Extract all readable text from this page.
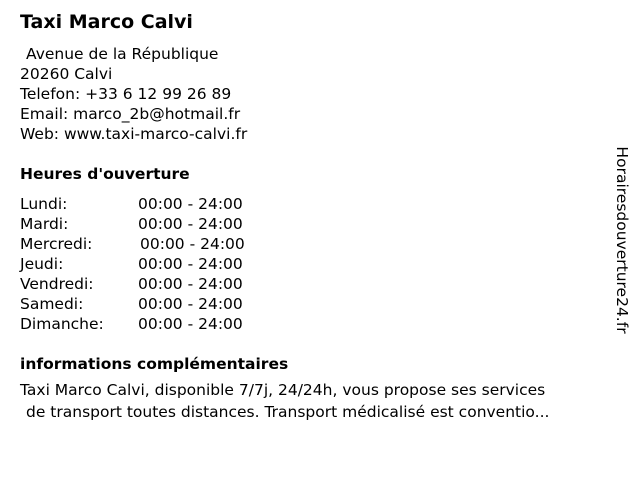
Taxi Marco Calvi
Avenue de la République
20260 Calvi
Telefon: +33 6 12 99 26 89
Email: marco_2b@hotmail.fr
Web: www.taxi-marco-calvi.fr
Heures d'ouverture
Lundi:	00:00 - 24:00
Mardi:	00:00 - 24:00
Mercredi:	00:00 - 24:00
Jeudi:	00:00 - 24:00
Vendredi:	00:00 - 24:00
Samedi:	00:00 - 24:00
Dimanche: 00:00 - 24:00
informations complémentaires
Taxi Marco Calvi, disponible 7/7j, 24/24h, vous propose ses services
de transport toutes distances. Transport médicalisé est conventio...
Horairesdouverture24.fr
